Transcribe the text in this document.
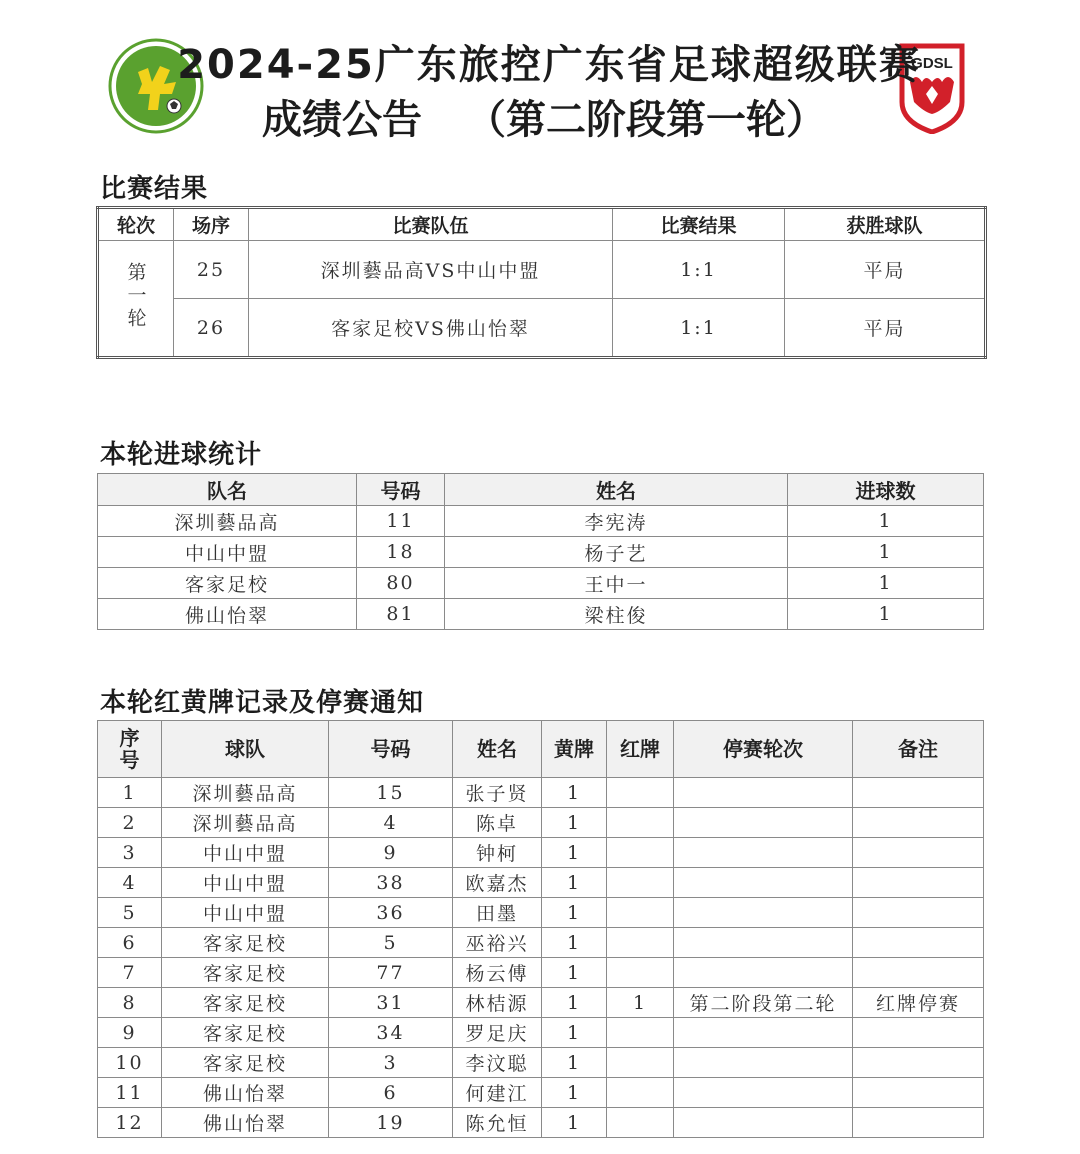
GDSL
2024-25广东旅控广东省足球超级联赛
成绩公告 （第二阶段第一轮）
比赛结果
轮次	场序	比赛队伍	比赛结果	获胜球队
第一轮	25	深圳藝品高VS中山中盟	1:1	平局
	26	客家足校VS佛山怡翠	1:1	平局
本轮进球统计
队名	号码	姓名	进球数
深圳藝品高	11	李宪涛	1
中山中盟	18	杨子艺	1
客家足校	80	王中一	1
佛山怡翠	81	梁柱俊	1
本轮红黄牌记录及停赛通知
序号	球队	号码	姓名	黄牌	红牌	停赛轮次	备注
1	深圳藝品高	15	张子贤	1			
2	深圳藝品高	4	陈卓	1			
3	中山中盟	9	钟柯	1			
4	中山中盟	38	欧嘉杰	1			
5	中山中盟	36	田墨	1			
6	客家足校	5	巫裕兴	1			
7	客家足校	77	杨云傅	1			
8	客家足校	31	林桔源	1	1	第二阶段第二轮	红牌停赛
9	客家足校	34	罗足庆	1			
10	客家足校	3	李汶聪	1			
11	佛山怡翠	6	何建江	1			
12	佛山怡翠	19	陈允恒	1			
